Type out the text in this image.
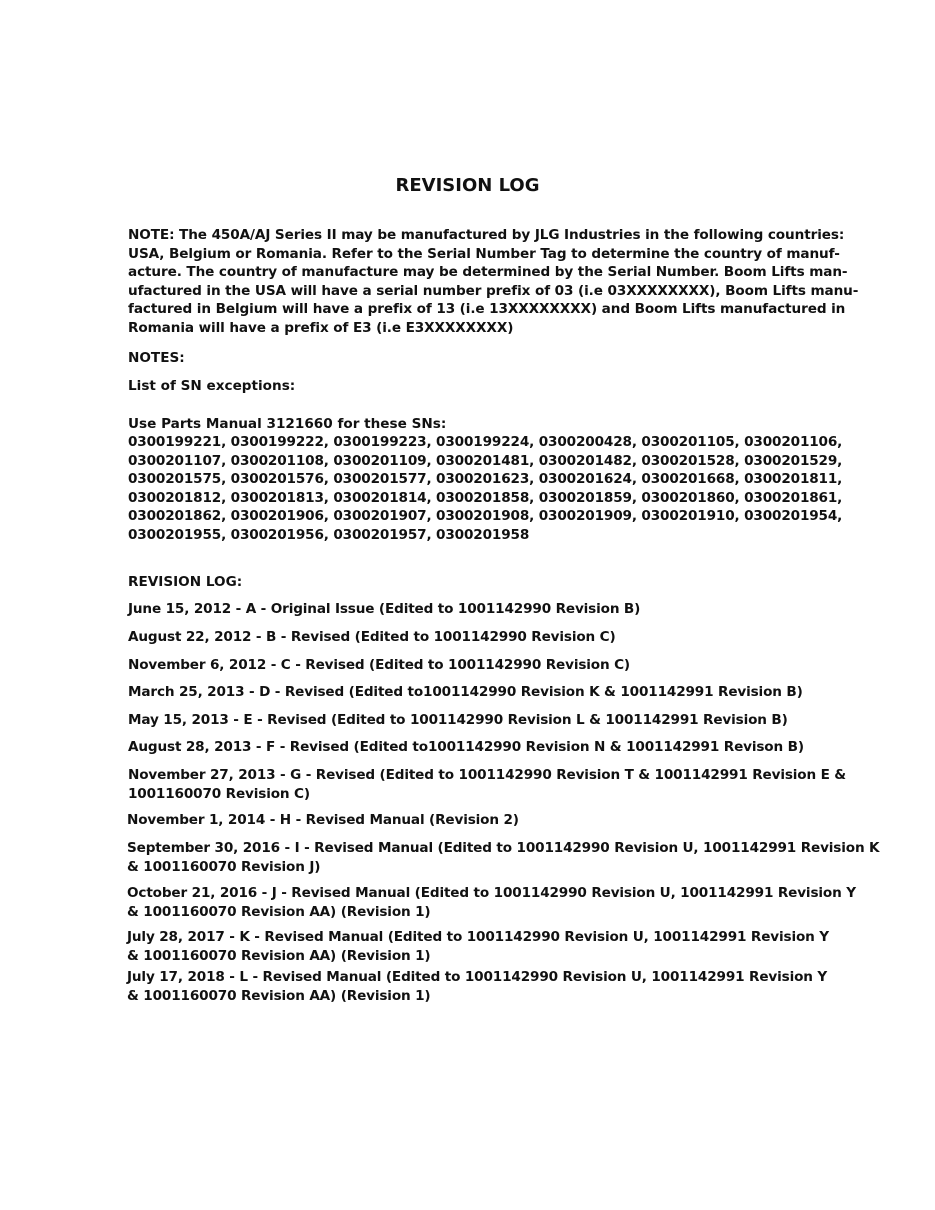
REVISION LOG
NOTE: The 450A/AJ Series II may be manufactured by JLG Industries in the following countries:
USA, Belgium or Romania. Refer to the Serial Number Tag to determine the country of manuf-
acture. The country of manufacture may be determined by the Serial Number. Boom Lifts man-
ufactured in the USA will have a serial number prefix of 03 (i.e 03XXXXXXXX), Boom Lifts manu-
factured in Belgium will have a prefix of 13 (i.e 13XXXXXXXX) and Boom Lifts manufactured in
Romania will have a prefix of E3 (i.e E3XXXXXXXX)
NOTES:
List of SN exceptions:
Use Parts Manual 3121660 for these SNs:
0300199221, 0300199222, 0300199223, 0300199224, 0300200428, 0300201105, 0300201106,
0300201107, 0300201108, 0300201109, 0300201481, 0300201482, 0300201528, 0300201529,
0300201575, 0300201576, 0300201577, 0300201623, 0300201624, 0300201668, 0300201811,
0300201812, 0300201813, 0300201814, 0300201858, 0300201859, 0300201860, 0300201861,
0300201862, 0300201906, 0300201907, 0300201908, 0300201909, 0300201910, 0300201954,
0300201955, 0300201956, 0300201957, 0300201958
REVISION LOG:
June 15, 2012 - A - Original Issue (Edited to 1001142990 Revision B)
August 22, 2012 - B - Revised (Edited to 1001142990 Revision C)
November 6, 2012 - C - Revised (Edited to 1001142990 Revision C)
March 25, 2013 - D - Revised (Edited to1001142990 Revision K & 1001142991 Revision B)
May 15, 2013 - E - Revised (Edited to 1001142990 Revision L & 1001142991 Revision B)
August 28, 2013 - F - Revised (Edited to1001142990 Revision N & 1001142991 Revison B)
November 27, 2013 - G - Revised (Edited to 1001142990 Revision T & 1001142991 Revision E &
1001160070 Revision C)
November 1, 2014 - H - Revised Manual (Revision 2)
September 30, 2016 - I - Revised Manual (Edited to 1001142990 Revision U, 1001142991 Revision K
& 1001160070 Revision J)
October 21, 2016 - J - Revised Manual (Edited to 1001142990 Revision U, 1001142991 Revision Y
& 1001160070 Revision AA) (Revision 1)
July 28, 2017 - K - Revised Manual (Edited to 1001142990 Revision U, 1001142991 Revision Y
& 1001160070 Revision AA) (Revision 1)
July 17, 2018 - L - Revised Manual (Edited to 1001142990 Revision U, 1001142991 Revision Y
& 1001160070 Revision AA) (Revision 1)
